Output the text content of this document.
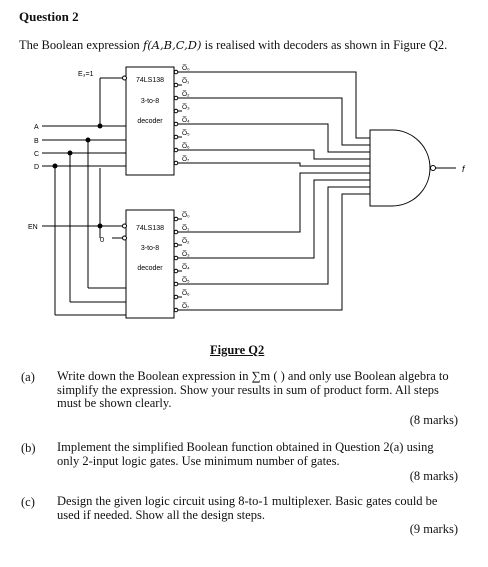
Question 2
The Boolean expression f(A,B,C,D) is realised with decoders as shown in Figure Q2.
E₃=1
0
A
B
C
D
EN
f
74LS138
3-to-8
decoder
74LS138
3-to-8
decoder
O̅₀
O̅₁
O̅₂
O̅₃
O̅₄
O̅₅
O̅₆
O̅₇
O̅₀
O̅₁
O̅₂
O̅₃
O̅₄
O̅₅
O̅₆
O̅₇
Figure Q2
(a) Write down the Boolean expression in ∑m ( ) and only use Boolean algebra to simplify the expression. Show your results in sum of product form. All steps must be shown clearly.
(8 marks)
(b) Implement the simplified Boolean function obtained in Question 2(a) using only 2-input logic gates. Use minimum number of gates.
(8 marks)
(c) Design the given logic circuit using 8-to-1 multiplexer. Basic gates could be used if needed. Show all the design steps.
(9 marks)
